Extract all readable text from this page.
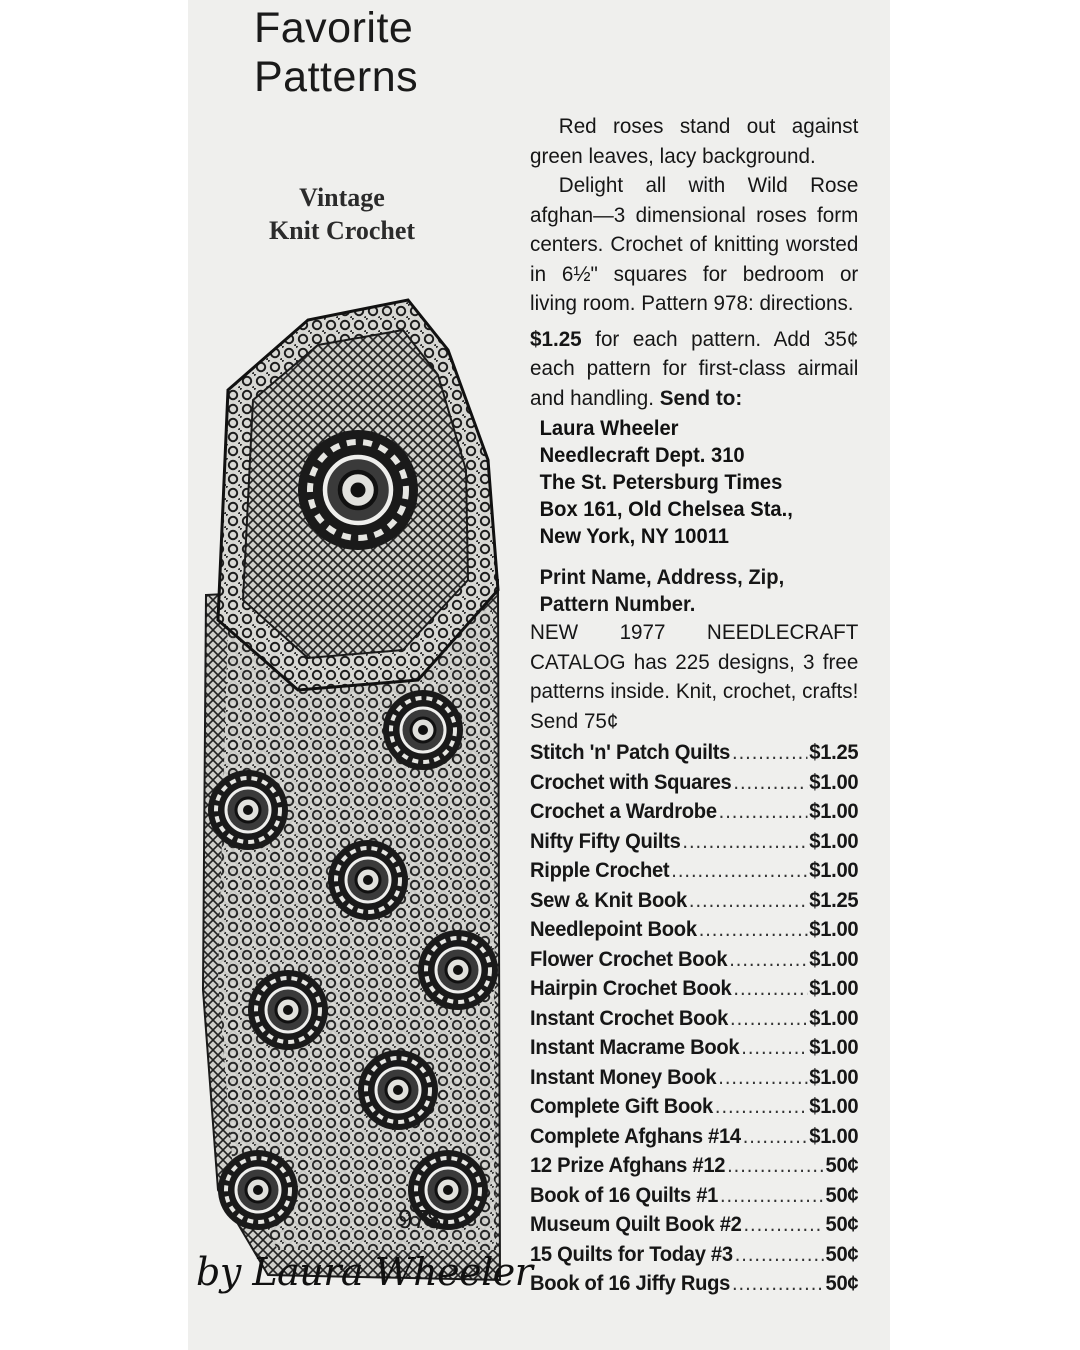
Favorite
Patterns
Vintage
Knit Crochet
978
by Laura Wheeler

Red roses stand out against green leaves, lacy background.

Delight all with Wild Rose afghan—3 dimensional roses form centers. Crochet of knitting worsted in 6½" squares for bedroom or living room. Pattern 978: directions.

$1.25 for each pattern. Add 35¢ each pattern for first-class airmail and handling. Send to:

Laura Wheeler
Needlecraft Dept. 310
The St. Petersburg Times
Box 161, Old Chelsea Sta.,
New York, NY 10011
Print Name, Address, Zip,
Pattern Number.

NEW 1977 NEEDLECRAFT CATALOG has 225 designs, 3 free patterns inside. Knit, crochet, crafts! Send 75¢

Stitch 'n' Patch Quilts .....	$1.25
Crochet with Squares .....	$1.00
Crochet a Wardrobe .....	$1.00
Nifty Fifty Quilts .....	$1.00
Ripple Crochet .....	$1.00
Sew & Knit Book .....	$1.25
Needlepoint Book .....	$1.00
Flower Crochet Book .....	$1.00
Hairpin Crochet Book .....	$1.00
Instant Crochet Book .....	$1.00
Instant Macrame Book .....	$1.00
Instant Money Book .....	$1.00
Complete Gift Book .....	$1.00
Complete Afghans #14 .....	$1.00
12 Prize Afghans #12 .....	50¢
Book of 16 Quilts #1 .....	50¢
Museum Quilt Book #2 .....	50¢
15 Quilts for Today #3 .....	50¢
Book of 16 Jiffy Rugs .....	50¢
